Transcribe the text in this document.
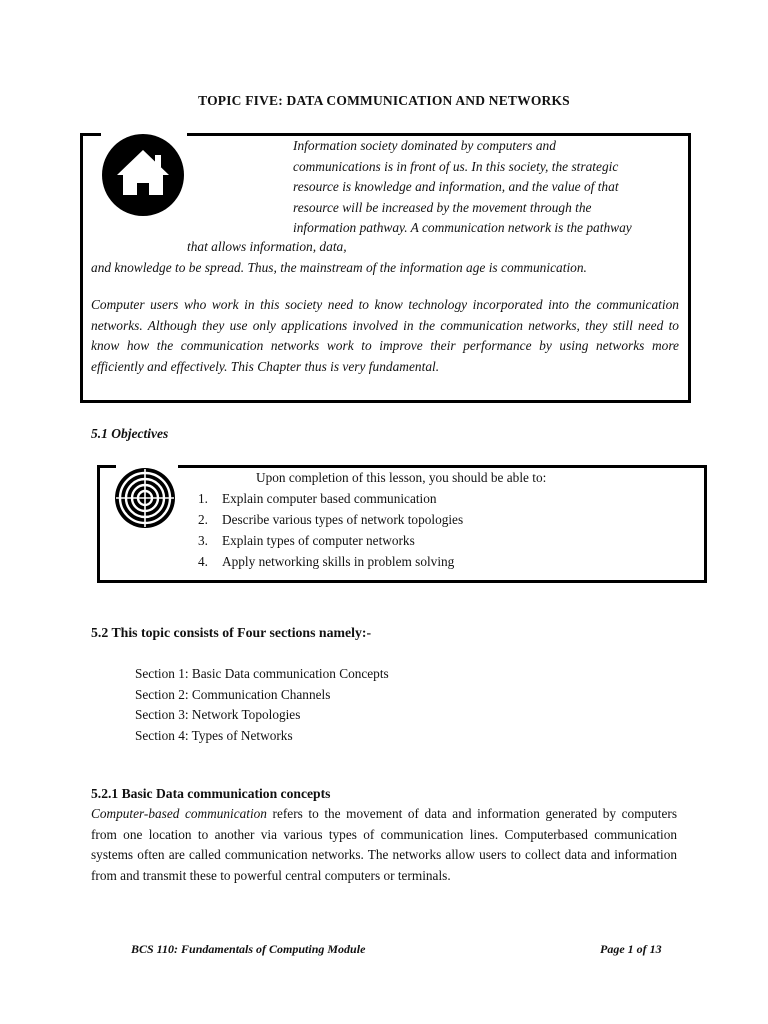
TOPIC FIVE: DATA COMMUNICATION AND NETWORKS

Information society dominated by computers and

communications is in front of us. In this society, the strategic

resource is knowledge and information, and the value of that

resource will be increased by the movement through the

information pathway. A communication network is the pathway

that allows information, data,
and knowledge to be spread. Thus, the mainstream of the information age is communication.

Computer users who work in this society need to know technology incorporated into the communication networks. Although they use only applications involved in the communication networks, they still need to know how the communication networks work to improve their performance by using networks more efficiently and effectively. This Chapter thus is very fundamental.

5.1 Objectives
Upon completion of this lesson, you should be able to:
1. Explain computer based communication
2. Describe various types of network topologies
3. Explain types of computer networks
4. Apply networking skills in problem solving
5.2 This topic consists of Four sections namely:-
Section 1: Basic Data communication Concepts
Section 2: Communication Channels
Section 3: Network Topologies
Section 4: Types of Networks
5.2.1 Basic Data communication concepts

Computer-based communication refers to the movement of data and information generated by computers from one location to another via various types of communication lines. Computerbased communication systems often are called communication networks. The networks allow users to collect data and information from and transmit these to powerful central computers or terminals.

BCS 110: Fundamentals of Computing Module	Page 1 of 13
